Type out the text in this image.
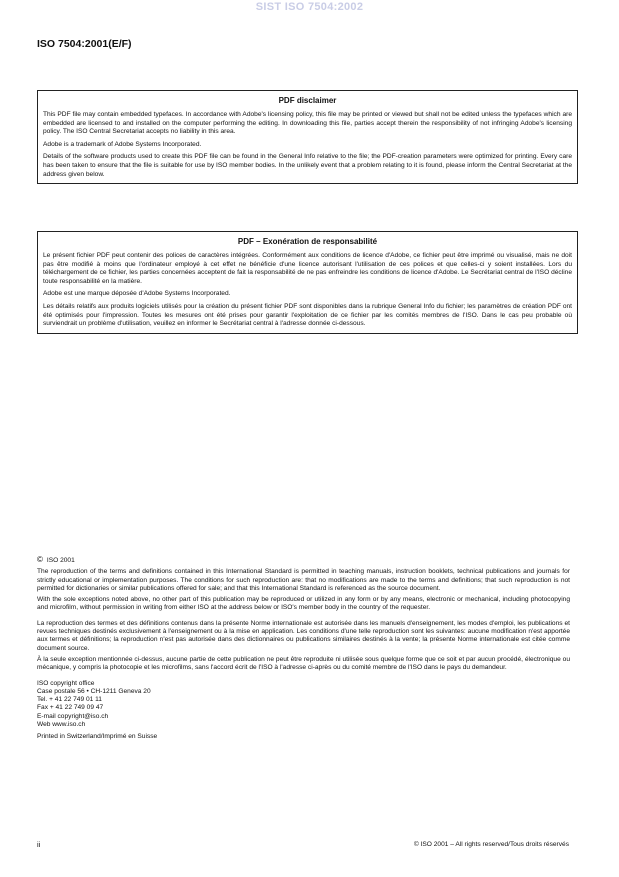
SIST ISO 7504:2002
ISO 7504:2001(E/F)
PDF disclaimer

This PDF file may contain embedded typefaces. In accordance with Adobe's licensing policy, this file may be printed or viewed but shall not be edited unless the typefaces which are embedded are licensed to and installed on the computer performing the editing. In downloading this file, parties accept therein the responsibility of not infringing Adobe's licensing policy. The ISO Central Secretariat accepts no liability in this area.

Adobe is a trademark of Adobe Systems Incorporated.

Details of the software products used to create this PDF file can be found in the General Info relative to the file; the PDF-creation parameters were optimized for printing. Every care has been taken to ensure that the file is suitable for use by ISO member bodies. In the unlikely event that a problem relating to it is found, please inform the Central Secretariat at the address given below.

PDF – Exonération de responsabilité

Le présent fichier PDF peut contenir des polices de caractères intégrées. Conformément aux conditions de licence d'Adobe, ce fichier peut être imprimé ou visualisé, mais ne doit pas être modifié à moins que l'ordinateur employé à cet effet ne bénéficie d'une licence autorisant l'utilisation de ces polices et que celles-ci y soient installées. Lors du téléchargement de ce fichier, les parties concernées acceptent de fait la responsabilité de ne pas enfreindre les conditions de licence d'Adobe. Le Secrétariat central de l'ISO décline toute responsabilité en la matière.

Adobe est une marque déposée d'Adobe Systems Incorporated.

Les détails relatifs aux produits logiciels utilisés pour la création du présent fichier PDF sont disponibles dans la rubrique General Info du fichier; les paramètres de création PDF ont été optimisés pour l'impression. Toutes les mesures ont été prises pour garantir l'exploitation de ce fichier par les comités membres de l'ISO. Dans le cas peu probable où surviendrait un problème d'utilisation, veuillez en informer le Secrétariat central à l'adresse donnée ci-dessous.

© ISO 2001

The reproduction of the terms and definitions contained in this International Standard is permitted in teaching manuals, instruction booklets, technical publications and journals for strictly educational or implementation purposes. The conditions for such reproduction are: that no modifications are made to the terms and definitions; that such reproduction is not permitted for dictionaries or similar publications offered for sale; and that this International Standard is referenced as the source document.

With the sole exceptions noted above, no other part of this publication may be reproduced or utilized in any form or by any means, electronic or mechanical, including photocopying and microfilm, without permission in writing from either ISO at the address below or ISO's member body in the country of the requester.

La reproduction des termes et des définitions contenus dans la présente Norme internationale est autorisée dans les manuels d'enseignement, les modes d'emploi, les publications et revues techniques destinés exclusivement à l'enseignement ou à la mise en application. Les conditions d'une telle reproduction sont les suivantes: aucune modification n'est apportée aux termes et définitions; la reproduction n'est pas autorisée dans des dictionnaires ou publications similaires destinés à la vente; la présente Norme internationale est citée comme document source.

À la seule exception mentionnée ci-dessus, aucune partie de cette publication ne peut être reproduite ni utilisée sous quelque forme que ce soit et par aucun procédé, électronique ou mécanique, y compris la photocopie et les microfilms, sans l'accord écrit de l'ISO à l'adresse ci-après ou du comité membre de l'ISO dans le pays du demandeur.

ISO copyright office
Case postale 56 • CH-1211 Geneva 20
Tel. + 41 22 749 01 11
Fax + 41 22 749 09 47
E-mail copyright@iso.ch
Web www.iso.ch
Printed in Switzerland/Imprimé en Suisse
ii	© ISO 2001 – All rights reserved/Tous droits réservés
